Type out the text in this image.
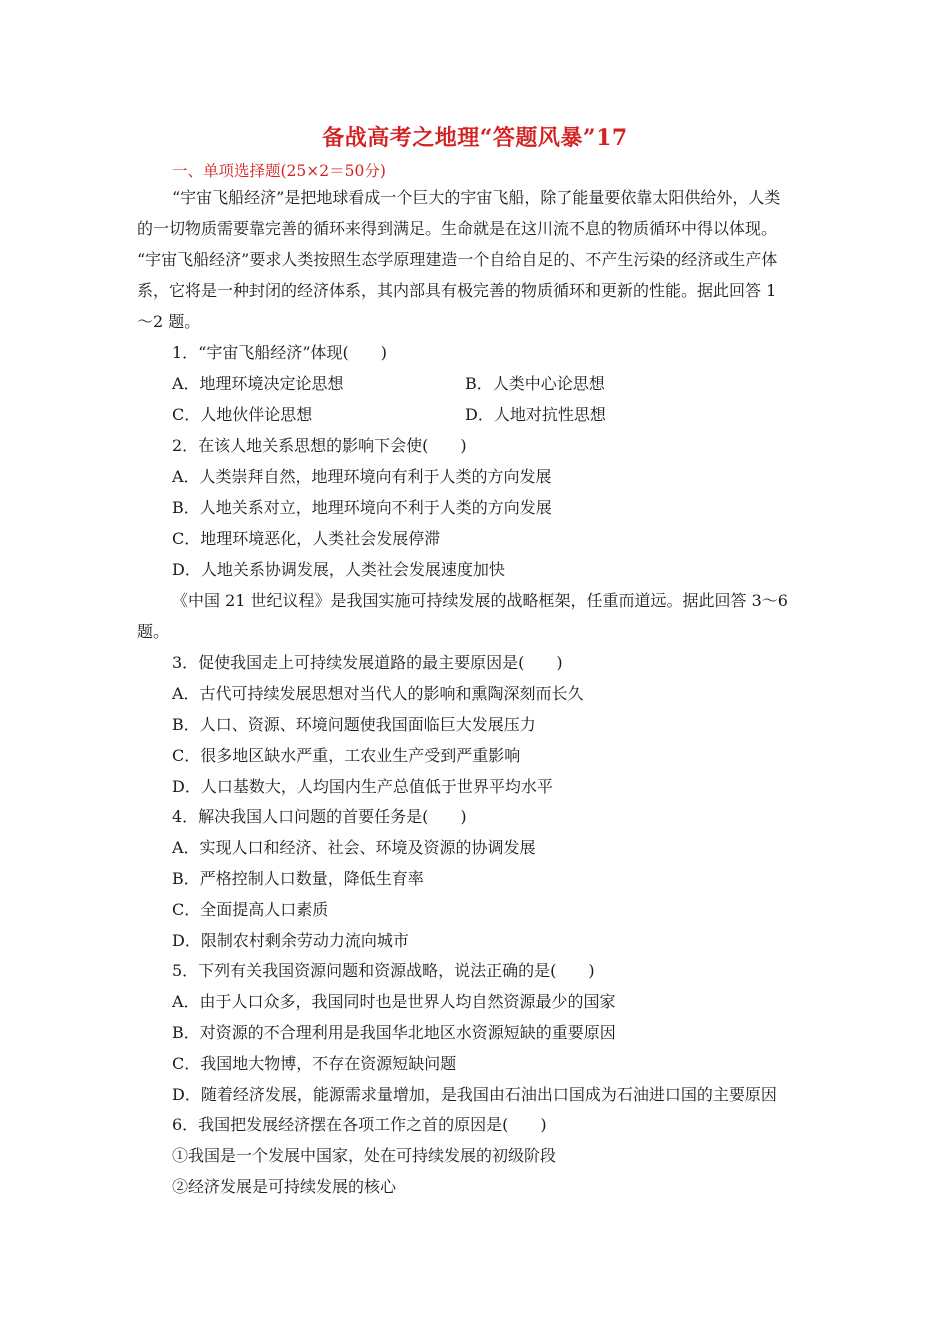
备战高考之地理“答题风暴”17
一、单项选择题(25×2＝50分)
“宇宙飞船经济”是把地球看成一个巨大的宇宙飞船，除了能量要依靠太阳供给外，人类
的一切物质需要靠完善的循环来得到满足。生命就是在这川流不息的物质循环中得以体现。
“宇宙飞船经济”要求人类按照生态学原理建造一个自给自足的、不产生污染的经济或生产体
系，它将是一种封闭的经济体系，其内部具有极完善的物质循环和更新的性能。据此回答 1
～2 题。
1．“宇宙飞船经济”体现(　　)
A．地理环境决定论思想	B．人类中心论思想
C．人地伙伴论思想	D．人地对抗性思想
2．在该人地关系思想的影响下会使(　　)
A．人类崇拜自然，地理环境向有利于人类的方向发展
B．人地关系对立，地理环境向不利于人类的方向发展
C．地理环境恶化，人类社会发展停滞
D．人地关系协调发展，人类社会发展速度加快
《中国 21 世纪议程》是我国实施可持续发展的战略框架，任重而道远。据此回答 3～6
题。
3．促使我国走上可持续发展道路的最主要原因是(　　)
A．古代可持续发展思想对当代人的影响和熏陶深刻而长久
B．人口、资源、环境问题使我国面临巨大发展压力
C．很多地区缺水严重，工农业生产受到严重影响
D．人口基数大，人均国内生产总值低于世界平均水平
4．解决我国人口问题的首要任务是(　　)
A．实现人口和经济、社会、环境及资源的协调发展
B．严格控制人口数量，降低生育率
C．全面提高人口素质
D．限制农村剩余劳动力流向城市
5．下列有关我国资源问题和资源战略，说法正确的是(　　)
A．由于人口众多，我国同时也是世界人均自然资源最少的国家
B．对资源的不合理利用是我国华北地区水资源短缺的重要原因
C．我国地大物博，不存在资源短缺问题
D．随着经济发展，能源需求量增加，是我国由石油出口国成为石油进口国的主要原因
6．我国把发展经济摆在各项工作之首的原因是(　　)
①我国是一个发展中国家，处在可持续发展的初级阶段
②经济发展是可持续发展的核心
